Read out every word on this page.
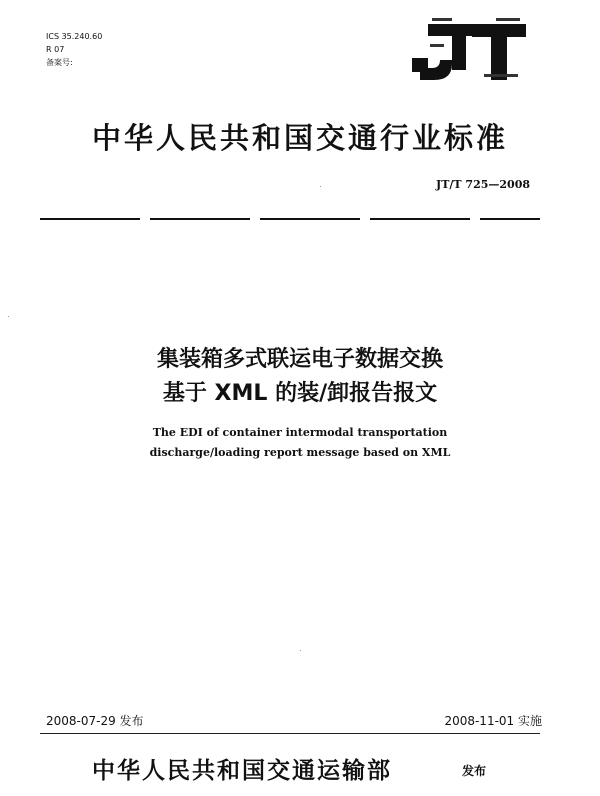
ICS 35.240.60
R 07
备案号:
中华人民共和国交通行业标准
JT/T 725—2008
集装箱多式联运电子数据交换
基于 XML 的装/卸报告报文
The EDI of container intermodal transportation
discharge/loading report message based on XML
2008-07-29 发布	2008-11-01 实施
中华人民共和国交通运输部	发布
